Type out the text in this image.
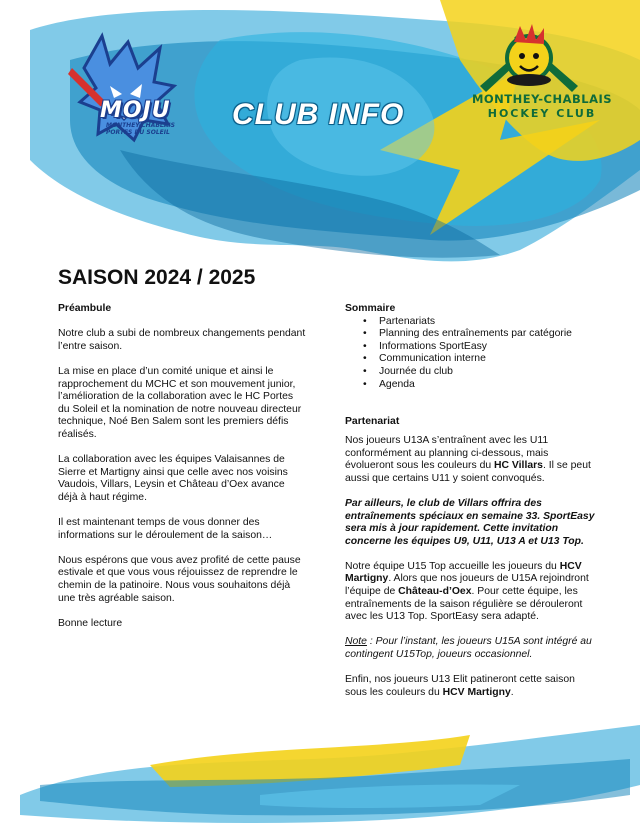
MOJU
MONTHEY-CHABLAIS
PORTES DU SOLEIL
CLUB INFO	MONTHEY-CHABLAIS
HOCKEY CLUB
SAISON 2024 / 2025
Préambule

Notre club a subi de nombreux changements pendant l’entre saison.

La mise en place d’un comité unique et ainsi le rapprochement du MCHC et son mouvement junior, l’amélioration de la collaboration avec le HC Portes du Soleil et la nomination de notre nouveau directeur technique, Noé Ben Salem sont les premiers défis réalisés.

La collaboration avec les équipes Valaisannes de Sierre et Martigny ainsi que celle avec nos voisins Vaudois, Villars, Leysin et Château d’Oex avance déjà à haut régime.

Il est maintenant temps de vous donner des informations sur le déroulement de la saison…

Nous espérons que vous avez profité de cette pause estivale et que vous vous réjouissez de reprendre le chemin de la patinoire. Nous vous souhaitons déjà une très agréable saison.

Bonne lecture

Sommaire
• Partenariats
• Planning des entraînements par catégorie
• Informations SportEasy
• Communication interne
• Journée du club
• Agenda
Partenariat

Nos joueurs U13A s’entraînent avec les U11 conformément au planning ci-dessous, mais évolueront sous les couleurs du HC Villars. Il se peut aussi que certains U11 y soient convoqués.

Par ailleurs, le club de Villars offrira des entraînements spéciaux en semaine 33. SportEasy sera mis à jour rapidement. Cette invitation concerne les équipes U9, U11, U13 A et U13 Top.

Notre équipe U15 Top accueille les joueurs du HCV Martigny. Alors que nos joueurs de U15A rejoindront l’équipe de Château-d’Oex. Pour cette équipe, les entraînements de la saison régulière se dérouleront avec les U13 Top. SportEasy sera adapté.

Note : Pour l’instant, les joueurs U15A sont intégré au contingent U15Top, joueurs occasionnel.

Enfin, nos joueurs U13 Elit patineront cette saison sous les couleurs du HCV Martigny.
